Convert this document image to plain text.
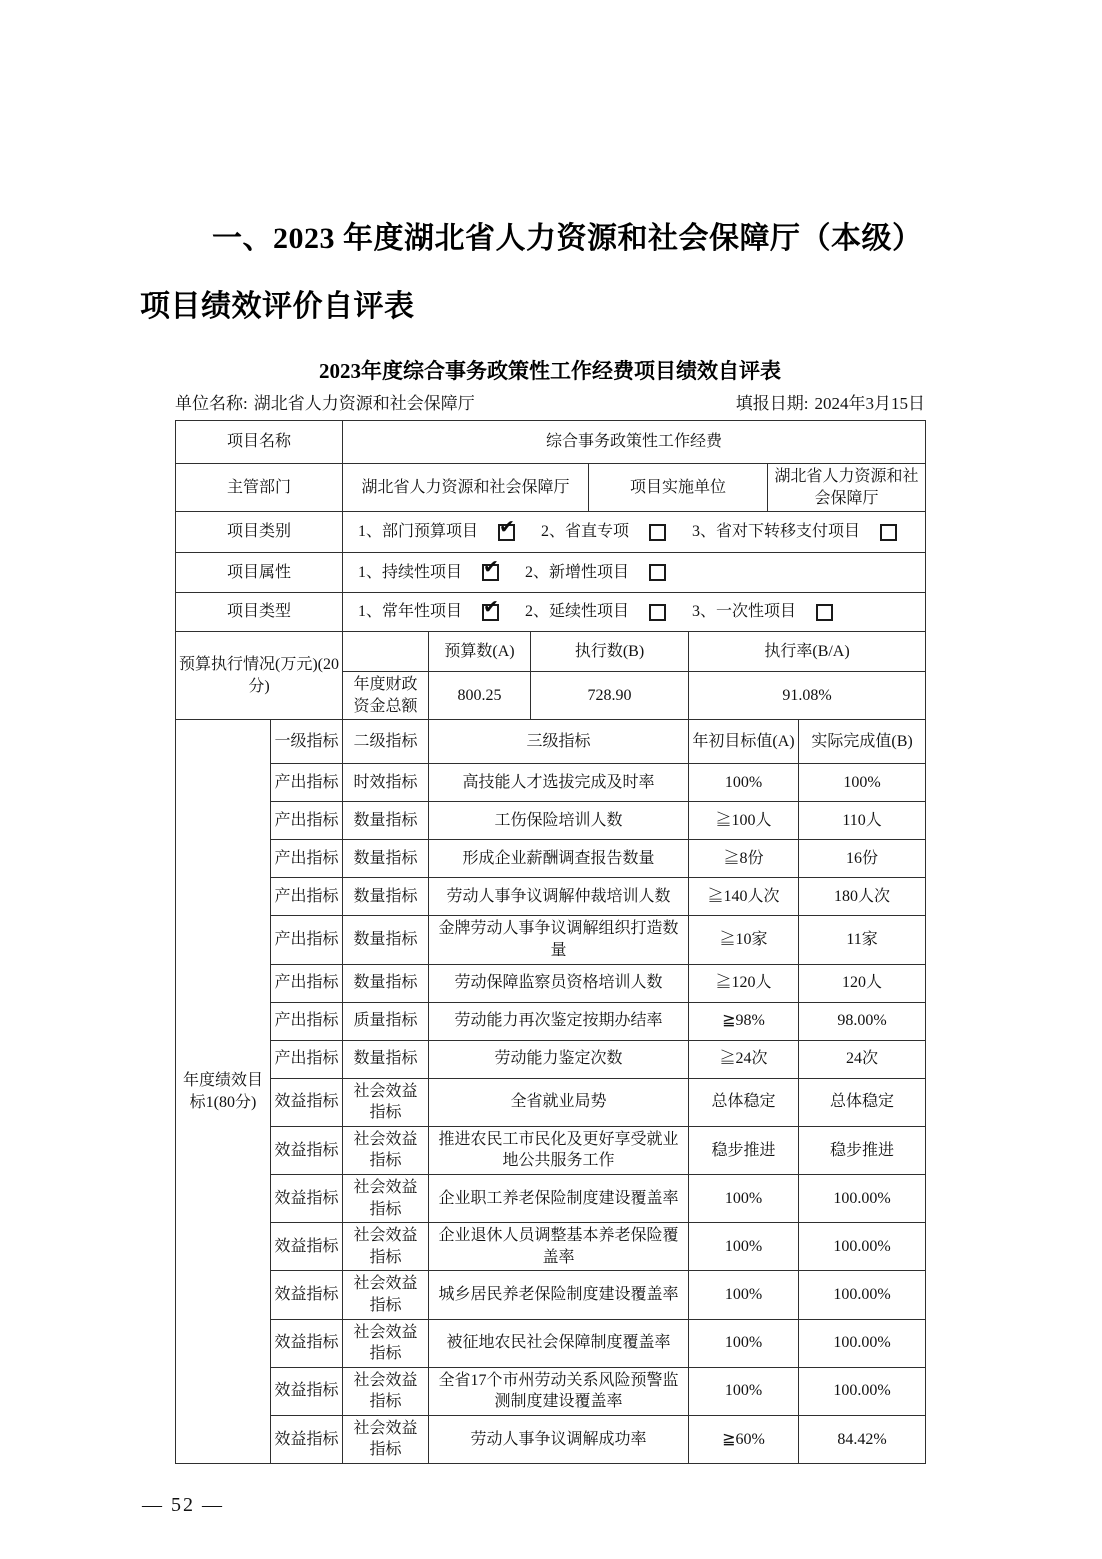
一、2023 年度湖北省人力资源和社会保障厅（本级）项目绩效评价自评表

2023年度综合事务政策性工作经费项目绩效自评表
单位名称: 湖北省人力资源和社会保障厅	填报日期: 2024年3月15日
项目名称		综合事务政策性工作经费						
主管部门		湖北省人力资源和社会保障厅			项目实施单位		湖北省人力资源和社会保障厅	
项目类别		1、部门预算项目 ✔ 2、省直专项 3、省对下转移支付项目

项目属性		1、持续性项目 ✔ 2、新增性项目

项目类型		1、常年性项目 ✔ 2、延续性项目 3、一次性项目

预算执行情况(万元)(20分)			预算数(A)	执行数(B)		执行率(B/A)		
		年度财政资金总额	800.25	728.90		91.08%		
年度绩效目标1(80分)	一级指标	二级指标	三级指标			年初目标值(A)		实际完成值(B)
	产出指标	时效指标	高技能人才选拔完成及时率			100%		100%
	产出指标	数量指标	工伤保险培训人数			≧100人		110人
	产出指标	数量指标	形成企业薪酬调查报告数量			≧8份		16份
	产出指标	数量指标	劳动人事争议调解仲裁培训人数			≧140人次		180人次
	产出指标	数量指标	金牌劳动人事争议调解组织打造数量			≧10家		11家
	产出指标	数量指标	劳动保障监察员资格培训人数			≧120人		120人
	产出指标	质量指标	劳动能力再次鉴定按期办结率			≧98%		98.00%
	产出指标	数量指标	劳动能力鉴定次数			≧24次		24次
	效益指标	社会效益指标	全省就业局势			总体稳定		总体稳定
	效益指标	社会效益指标	推进农民工市民化及更好享受就业地公共服务工作			稳步推进		稳步推进
	效益指标	社会效益指标	企业职工养老保险制度建设覆盖率			100%		100.00%
	效益指标	社会效益指标	企业退休人员调整基本养老保险覆盖率			100%		100.00%
	效益指标	社会效益指标	城乡居民养老保险制度建设覆盖率			100%		100.00%
	效益指标	社会效益指标	被征地农民社会保障制度覆盖率			100%		100.00%
	效益指标	社会效益指标	全省17个市州劳动关系风险预警监测制度建设覆盖率			100%		100.00%
	效益指标	社会效益指标	劳动人事争议调解成功率			≧60%		84.42%
— 52 —
